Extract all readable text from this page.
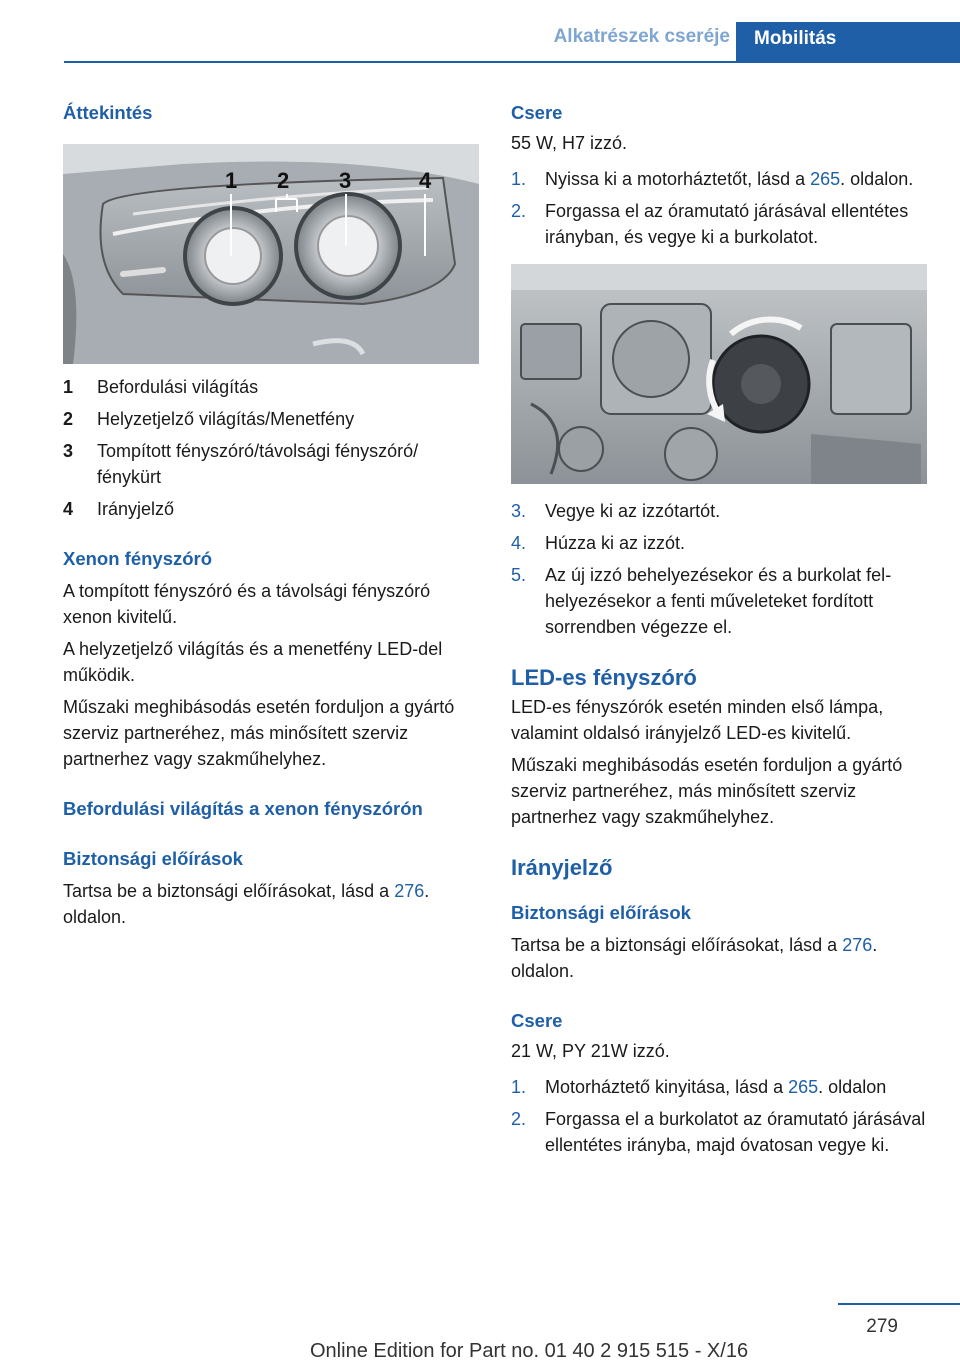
Alkatrészek cseréje	Mobilitás
Áttekintés
1 2 3	4
1	Befordulási világítás
2	Helyzetjelző világítás/Menetfény
3	Tompított fényszóró/távolsági fényszóró/ fénykürt
4	Irányjelző
Xenon fényszóró

A tompított fényszóró és a távolsági fényszóró xenon kivitelű.

A helyzetjelző világítás és a menetfény LED-del működik.

Műszaki meghibásodás esetén forduljon a gyártó szerviz partneréhez, más minősített szerviz partnerhez vagy szakműhelyhez.

Befordulási világítás a xenon fényszórón
Biztonsági előírások

Tartsa be a biztonsági előírásokat, lásd a 276. oldalon.

Csere

55 W, H7 izzó.

1.	Nyissa ki a motorháztetőt, lásd a 265. oldalon.
2.	Forgassa el az óramutató járásával ellentétes irányban, és vegye ki a burkolatot.
3.	Vegye ki az izzótartót.
4.	Húzza ki az izzót.
5.	Az új izzó behelyezésekor és a burkolat felhelyezésekor a fenti műveleteket fordított sorrendben végezze el.
LED-es fényszóró

LED-es fényszórók esetén minden első lámpa, valamint oldalsó irányjelző LED-es kivitelű.

Műszaki meghibásodás esetén forduljon a gyártó szerviz partneréhez, más minősített szerviz partnerhez vagy szakműhelyhez.

Irányjelző
Biztonsági előírások

Tartsa be a biztonsági előírásokat, lásd a 276. oldalon.

Csere

21 W, PY 21W izzó.

1.	Motorháztető kinyitása, lásd a 265. oldalon
2.	Forgassa el a burkolatot az óramutató járásával ellentétes irányba, majd óvatosan vegye ki.
279
Online Edition for Part no. 01 40 2 915 515 - X/16
